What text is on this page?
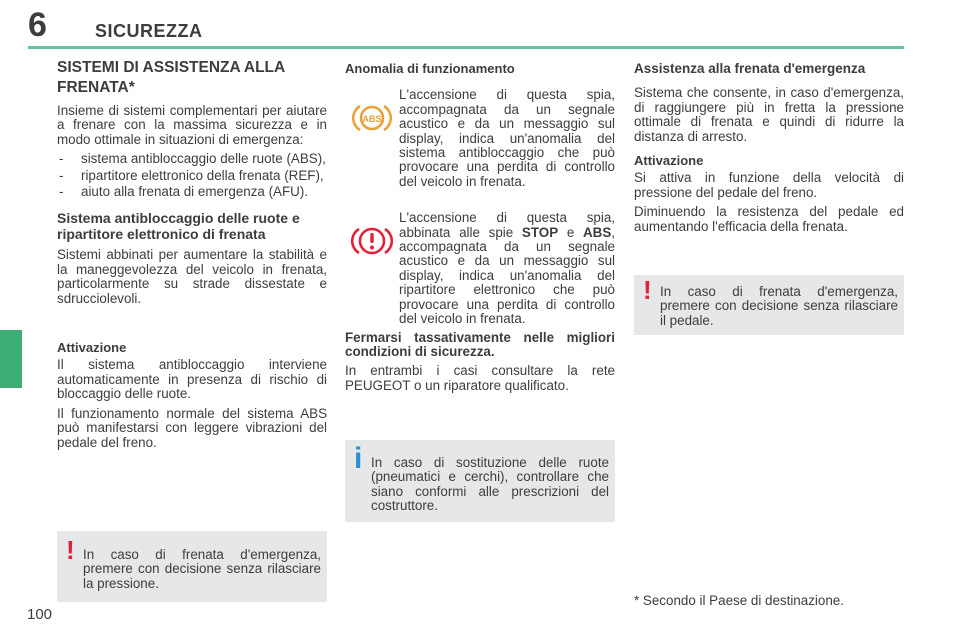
6	SICUREZZA
SISTEMI DI ASSISTENZA ALLA FRENATA*

Insieme di sistemi complementari per aiutare a frenare con la massima sicurezza e in modo ottimale in situazioni di emergenza:

- sistema antibloccaggio delle ruote (ABS),
- ripartitore elettronico della frenata (REF),
- aiuto alla frenata di emergenza (AFU).
Sistema antibloccaggio delle ruote e ripartitore elettronico di frenata

Sistemi abbinati per aumentare la stabilità e la maneggevolezza del veicolo in frenata, particolarmente su strade dissestate e sdrucciolevoli.

Attivazione

Il sistema antibloccaggio interviene automaticamente in presenza di rischio di bloccaggio delle ruote.

Il funzionamento normale del sistema ABS può manifestarsi con leggere vibrazioni del pedale del freno.

! In caso di frenata d'emergenza, premere con decisione senza rilasciare la pressione.
Anomalia di funzionamento
ABS
L'accensione di questa spia, accompagnata da un segnale acustico e da un messaggio sul display, indica un'anomalia del sistema antibloccaggio che può provocare una perdita di controllo del veicolo in frenata.
L'accensione di questa spia, abbinata alle spie STOP e ABS, accompagnata da un segnale acustico e da un messaggio sul display, indica un'anomalia del ripartitore elettronico che può provocare una perdita di controllo del veicolo in frenata.

Fermarsi tassativamente nelle migliori condizioni di sicurezza.

In entrambi i casi consultare la rete PEUGEOT o un riparatore qualificato.

i In caso di sostituzione delle ruote (pneumatici e cerchi), controllare che siano conformi alle prescrizioni del costruttore.
Assistenza alla frenata d'emergenza

Sistema che consente, in caso d'emergenza, di raggiungere più in fretta la pressione ottimale di frenata e quindi di ridurre la distanza di arresto.

Attivazione

Si attiva in funzione della velocità di pressione del pedale del freno.

Diminuendo la resistenza del pedale ed aumentando l'efficacia della frenata.

! In caso di frenata d'emergenza, premere con decisione senza rilasciare il pedale.
* Secondo il Paese di destinazione.
100
